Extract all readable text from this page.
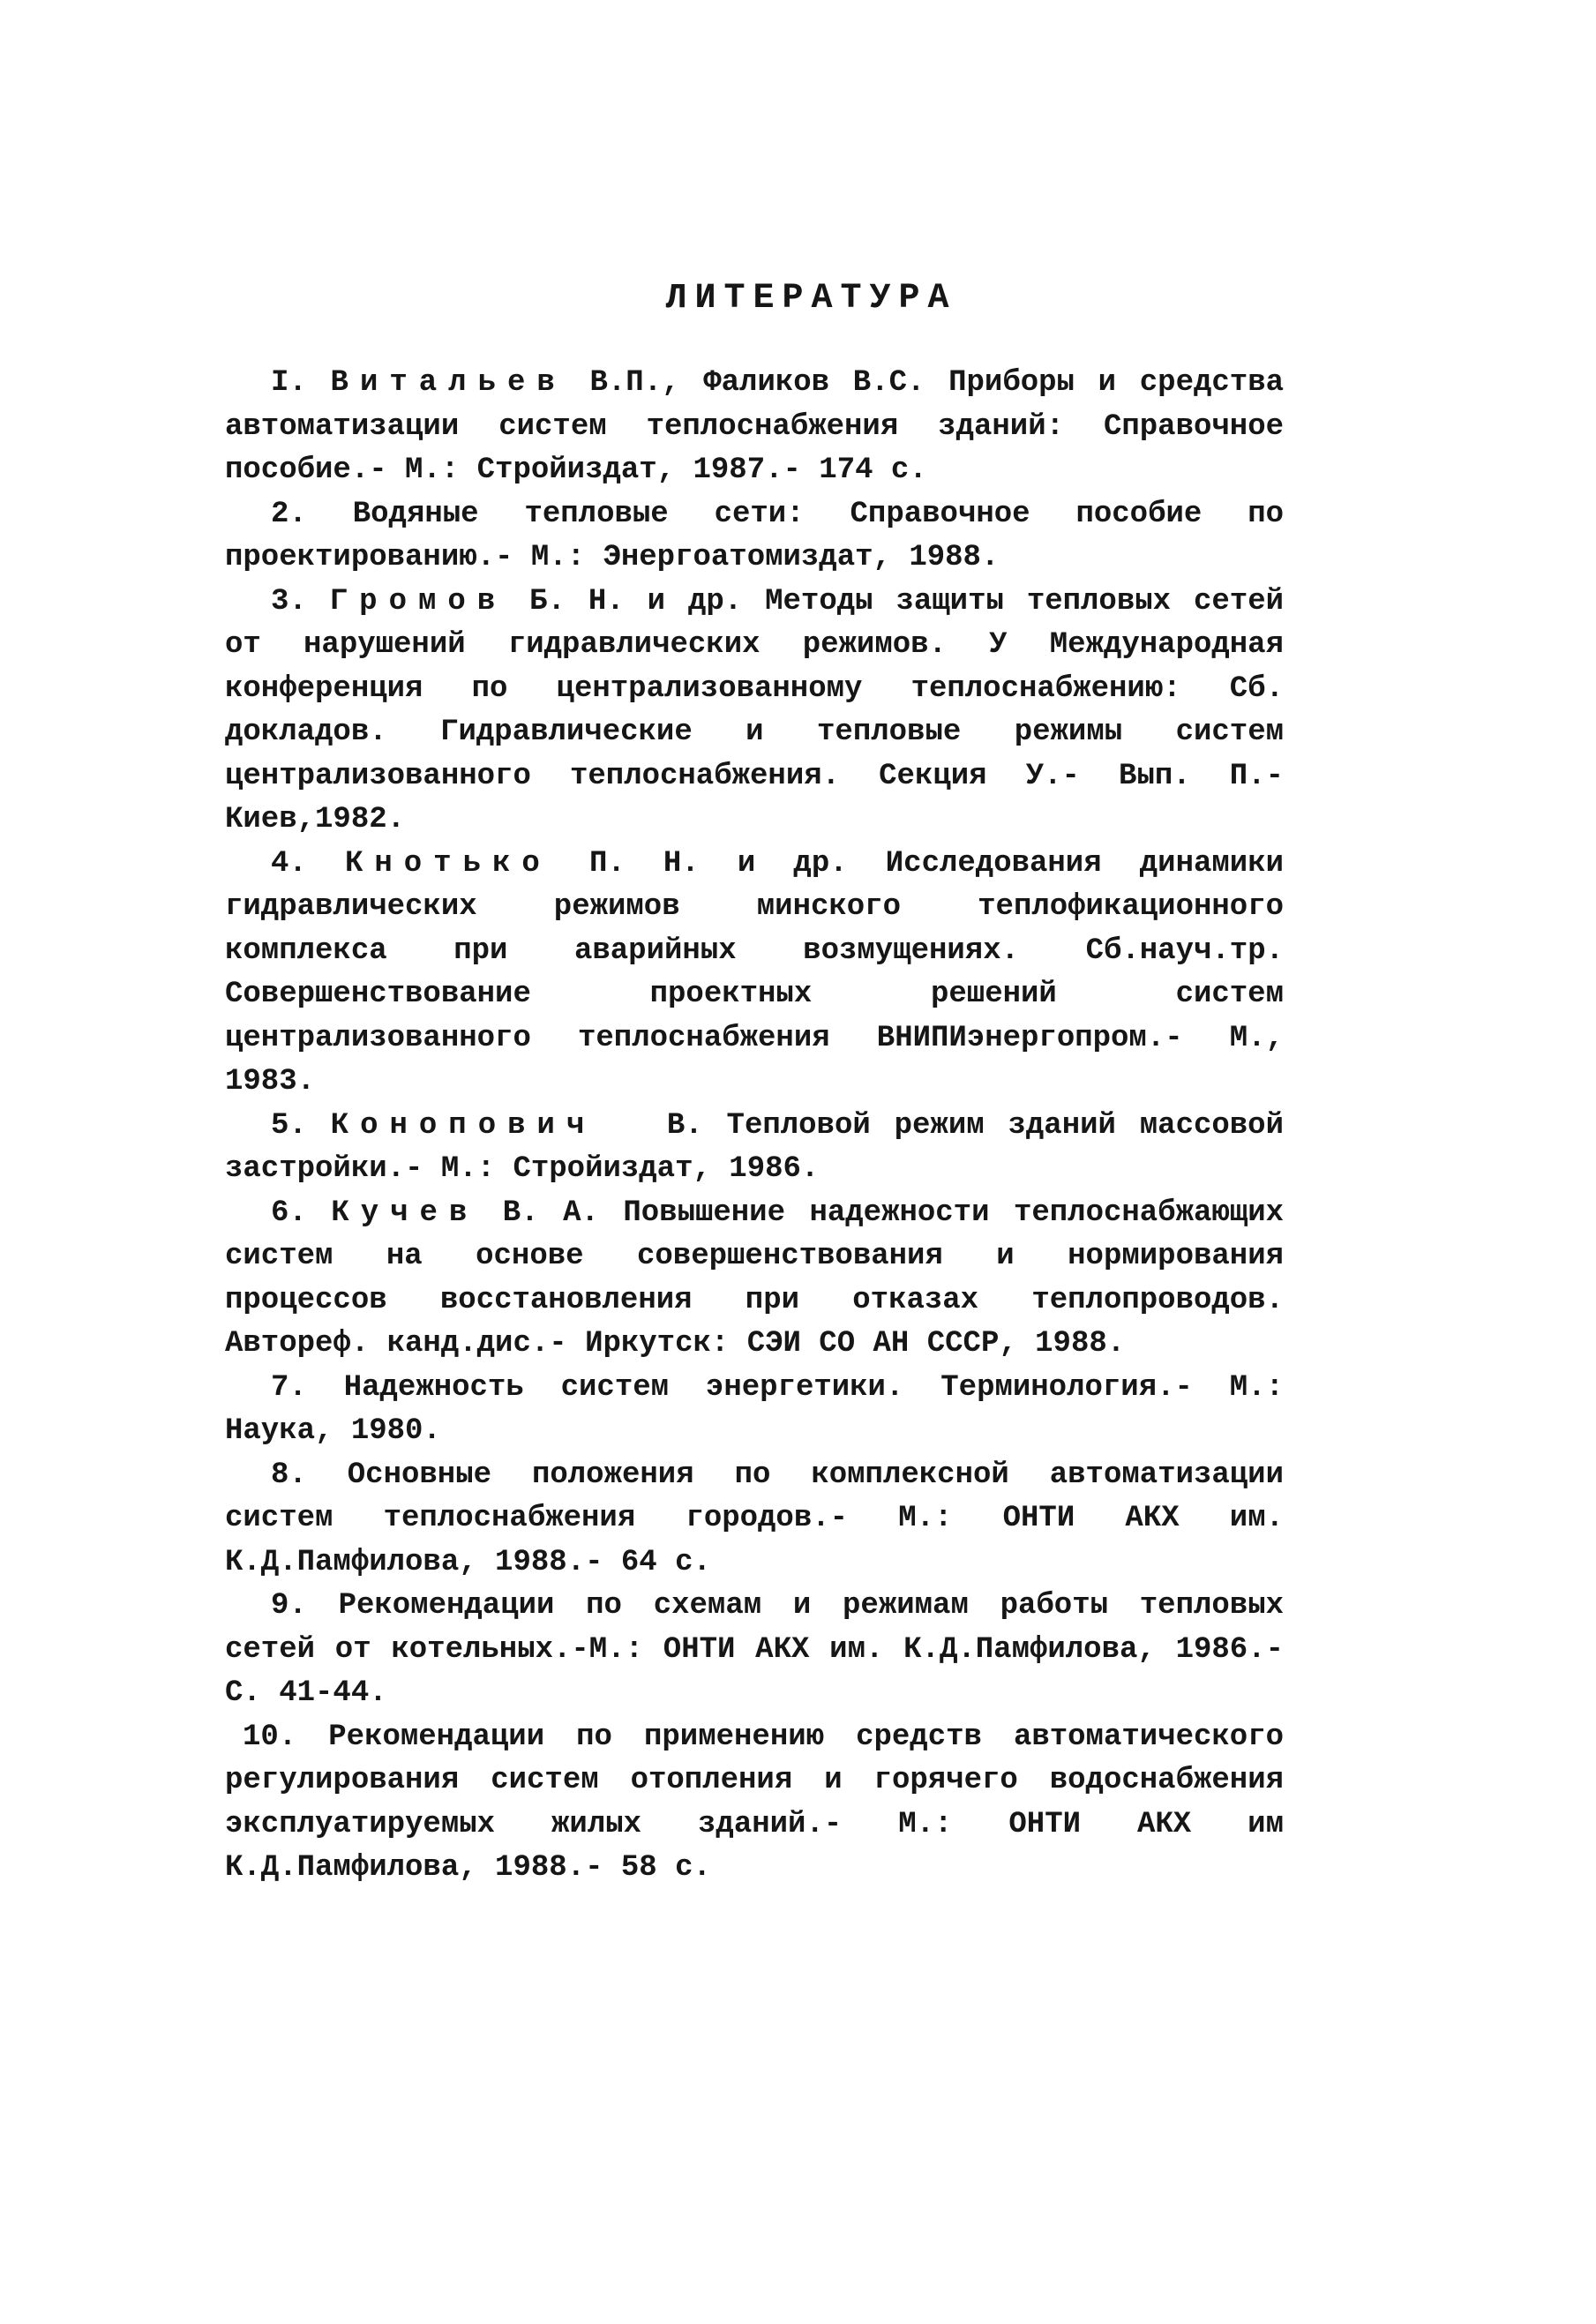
ЛИТЕРАТУРА

I. Витальев В.П., Фаликов В.С. Приборы и средства автоматизации систем теплоснабжения зданий: Справочное пособие.- М.: Стройиздат, 1987.- 174 с.

2. Водяные тепловые сети: Справочное пособие по проектированию.- М.: Энергоатомиздат, 1988.

3. Громов Б. Н. и др. Методы защиты тепловых сетей от нарушений гидравлических режимов. У Международная конференция по централизованному теплоснабжению: Сб. докладов. Гидравлические и тепловые режимы систем централизованного теплоснабжения. Секция У.- Вып. П.- Киев,1982.

4. Кнотько П. Н. и др. Исследования динамики гидравлических режимов минского теплофикационного комплекса при аварийных возмущениях. Сб.науч.тр. Совершенствование проектных решений систем централизованного теплоснабжения ВНИПИэнергопром.- М., 1983.

5. Конопович   В. Тепловой режим зданий массовой застройки.- М.: Стройиздат, 1986.

6. Кучев В. А. Повышение надежности теплоснабжающих систем на основе совершенствования и нормирования процессов восстановления при отказах теплопроводов. Автореф. канд.дис.- Иркутск: СЭИ СО АН СССР, 1988.

7. Надежность систем энергетики. Терминология.- М.: Наука, 1980.

8. Основные положения по комплексной автоматизации систем теплоснабжения городов.- М.: ОНТИ АКХ им. К.Д.Памфилова, 1988.- 64 с.

9. Рекомендации по схемам и режимам работы тепловых сетей от котельных.-М.: ОНТИ АКХ им. К.Д.Памфилова, 1986.- С. 41-44.

10. Рекомендации по применению средств автоматического регулирования систем отопления и горячего водоснабжения эксплуатируемых жилых зданий.- М.: ОНТИ АКХ им К.Д.Памфилова, 1988.- 58 с.
